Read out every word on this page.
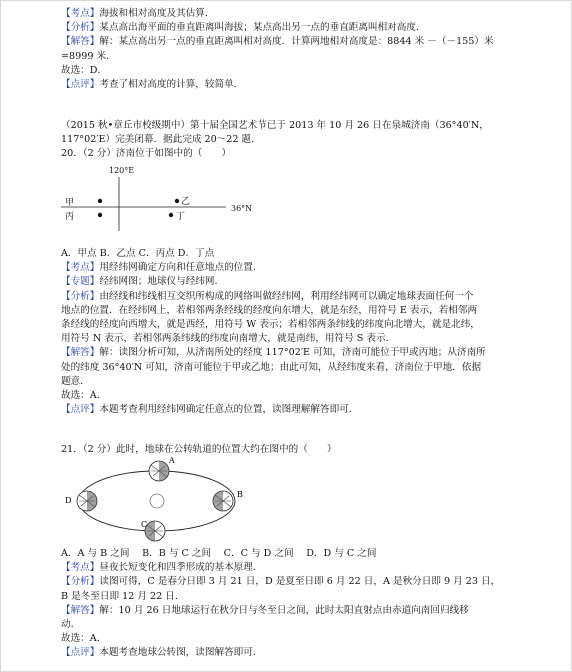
【考点】海拔和相对高度及其估算．
【分析】某点高出海平面的垂直距离叫海拔；某点高出另一点的垂直距离叫相对高度．
【解答】解：某点高出另一点的垂直距离叫相对高度．计算两地相对高度是：8844 米 －（－155）米
=8999 米．
故选：D．
【点评】考查了相对高度的计算，较简单．
（2015 秋•章丘市校级期中）第十届全国艺术节已于 2013 年 10 月 26 日在泉城济南（36°40′N，
117°02′E）完美闭幕．据此完成 20～22 题．
20．（2 分）济南位于如图中的（　　）
120°E
36°N
甲	乙
丙	丁
A．甲点 B．乙点 C．丙点 D．丁点
【考点】用经纬网确定方向和任意地点的位置．
【专题】经纬网图；地球仪与经纬网．
【分析】由经线和纬线相互交织所构成的网络叫做经纬网，利用经纬网可以确定地球表面任何一个
地点的位置．在经纬网上，若相邻两条经线的经度向东增大，就是东经，用符号 E 表示，若相邻两
条经线的经度向西增大，就是西经，用符号 W 表示；若相邻两条纬线的纬度向北增大，就是北纬，
用符号 N 表示，若相邻两条纬线的纬度向南增大，就是南纬，用符号 S 表示．
【解答】解：读图分析可知，从济南所处的经度 117°02′E 可知，济南可能位于甲或丙地；从济南所
处的纬度 36°40′N 可知，济南可能位于甲或乙地；由此可知，从经纬度来看，济南位于甲地．依据
题意．
故选：A．
【点评】本题考查利用经纬网确定任意点的位置，读图理解解答即可．
21．（2 分）此时，地球在公转轨道的位置大约在图中的（　　）
A
B
C
D
A．A 与 B 之间　 B．B 与 C 之间　 C．C 与 D 之间　 D．D 与 C 之间
【考点】昼夜长短变化和四季形成的基本原理．
【分析】读图可得，C 是春分日即 3 月 21 日，D 是夏至日即 6 月 22 日，A 是秋分日即 9 月 23 日，
B 是冬至日即 12 月 22 日．
【解答】解：10 月 26 日地球运行在秋分日与冬至日之间，此时太阳直射点由赤道向南回归线移
动．
故选：A．
【点评】本题考查地球公转图，读图解答即可．
